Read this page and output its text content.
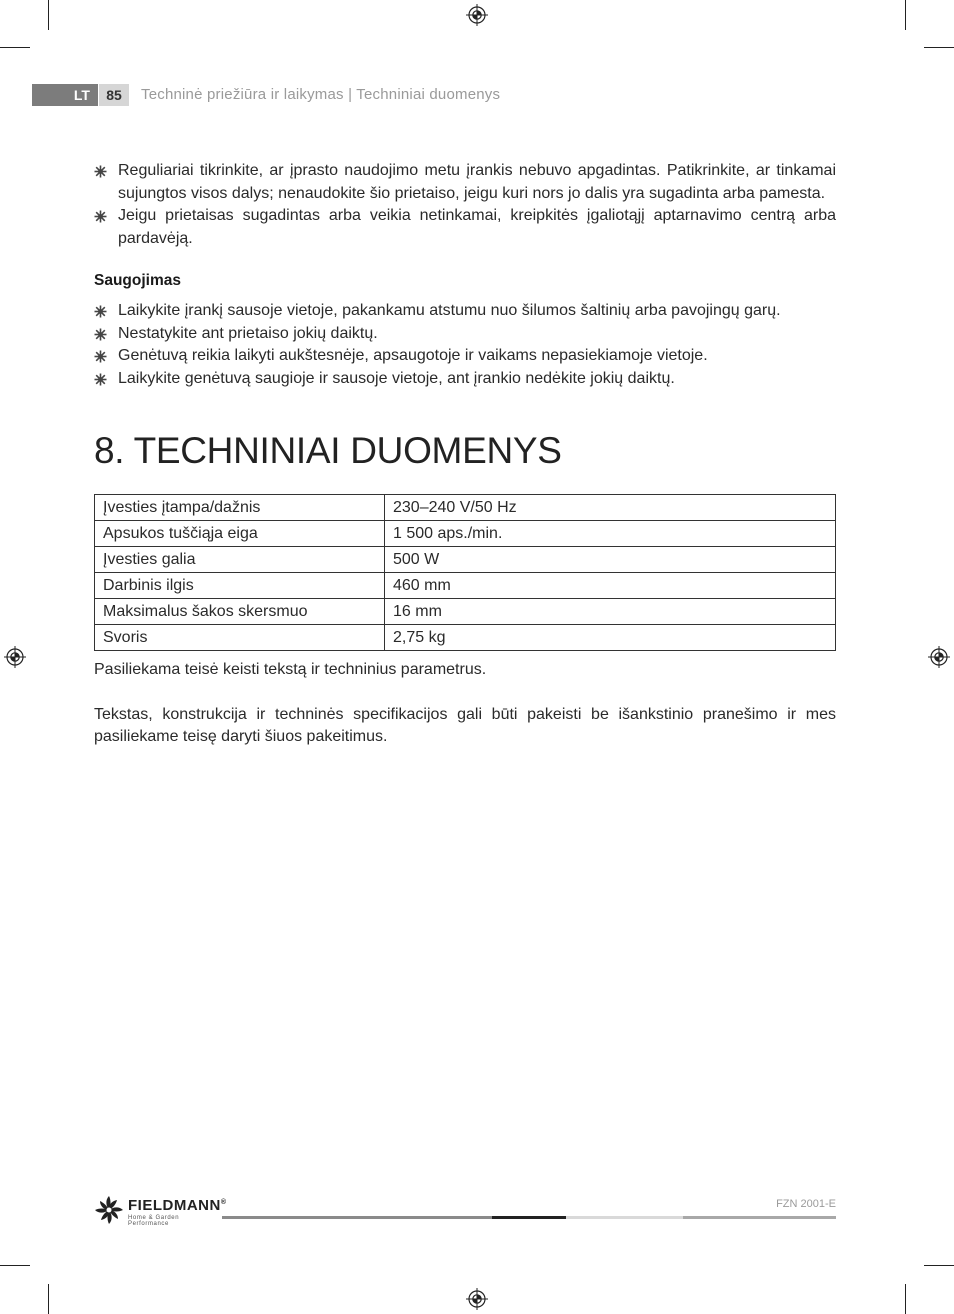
LT	85	Techninė priežiūra ir laikymas | Techniniai duomenys
Reguliariai tikrinkite, ar įprasto naudojimo metu įrankis nebuvo apgadintas. Patikrinkite, ar tinkamai sujungtos visos dalys; nenaudokite šio prietaiso, jeigu kuri nors jo dalis yra sugadinta arba pamesta.
Jeigu prietaisas sugadintas arba veikia netinkamai, kreipkitės įgaliotąjį aptarnavimo centrą arba pardavėją.
Saugojimas
Laikykite įrankį sausoje vietoje, pakankamu atstumu nuo šilumos šaltinių arba pavojingų garų.
Nestatykite ant prietaiso jokių daiktų.
Genėtuvą reikia laikyti aukštesnėje, apsaugotoje ir vaikams nepasiekiamoje vietoje.
Laikykite genėtuvą saugioje ir sausoje vietoje, ant įrankio nedėkite jokių daiktų.
8. TECHNINIAI DUOMENYS
Įvesties įtampa/dažnis	230–240 V/50 Hz
Apsukos tuščiąja eiga	1 500 aps./min.
Įvesties galia	500 W
Darbinis ilgis	460 mm
Maksimalus šakos skersmuo	16 mm
Svoris	2,75 kg

Pasiliekama teisė keisti tekstą ir techninius parametrus.

Tekstas, konstrukcija ir techninės specifikacijos gali būti pakeisti be išankstinio pranešimo ir mes pasiliekame teisę daryti šiuos pakeitimus.

FIELDMANN®
Home & Garden Performance
FZN 2001-E
